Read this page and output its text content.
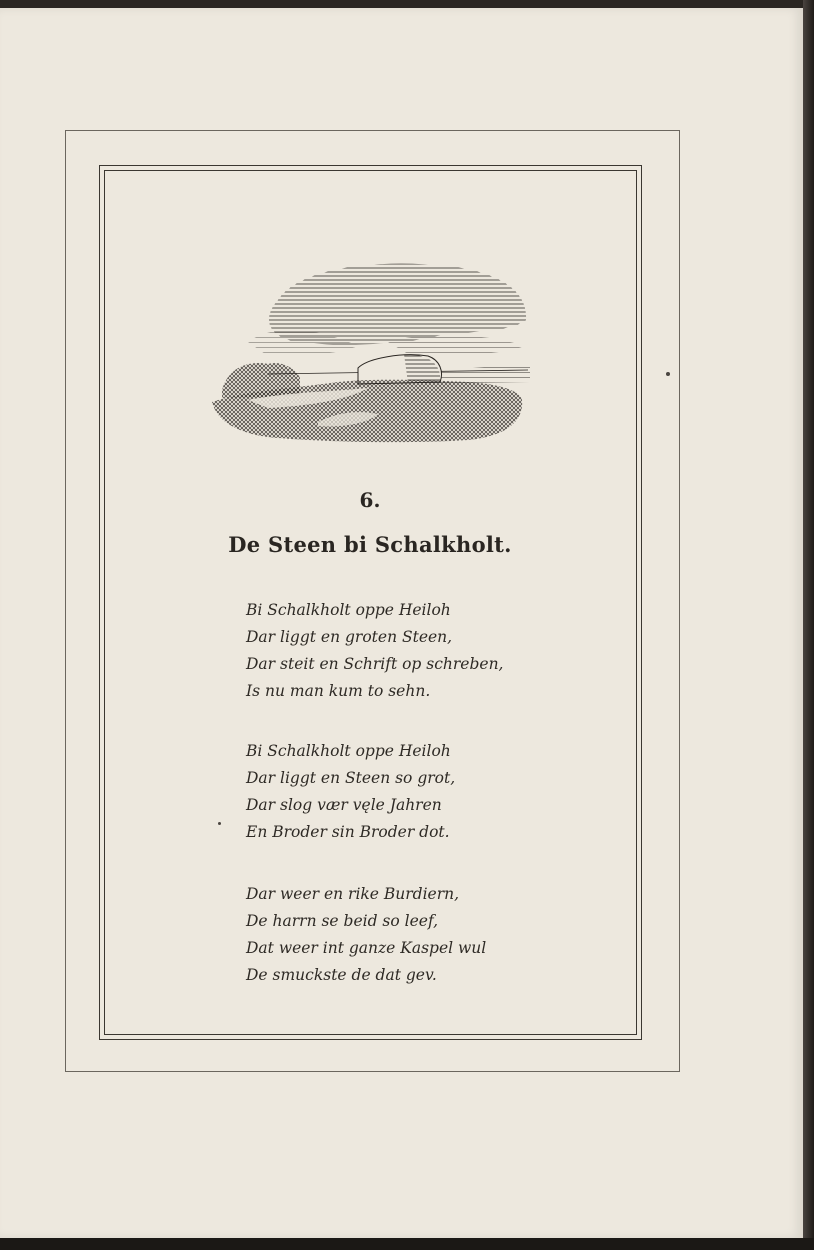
6.
De Steen bi Schalkholt.
Bi Schalkholt oppe Heiloh
Dar liggt en groten Steen,
Dar steit en Schrift op schreben,
Is nu man kum to sehn.
Bi Schalkholt oppe Heiloh
Dar liggt en Steen so grot,
Dar slog vær vęle Jahren
En Broder sin Broder dot.
Dar weer en rike Burdiern,
De harrn se beid so leef,
Dat weer int ganze Kaspel wul
De smuckste de dat gev.
